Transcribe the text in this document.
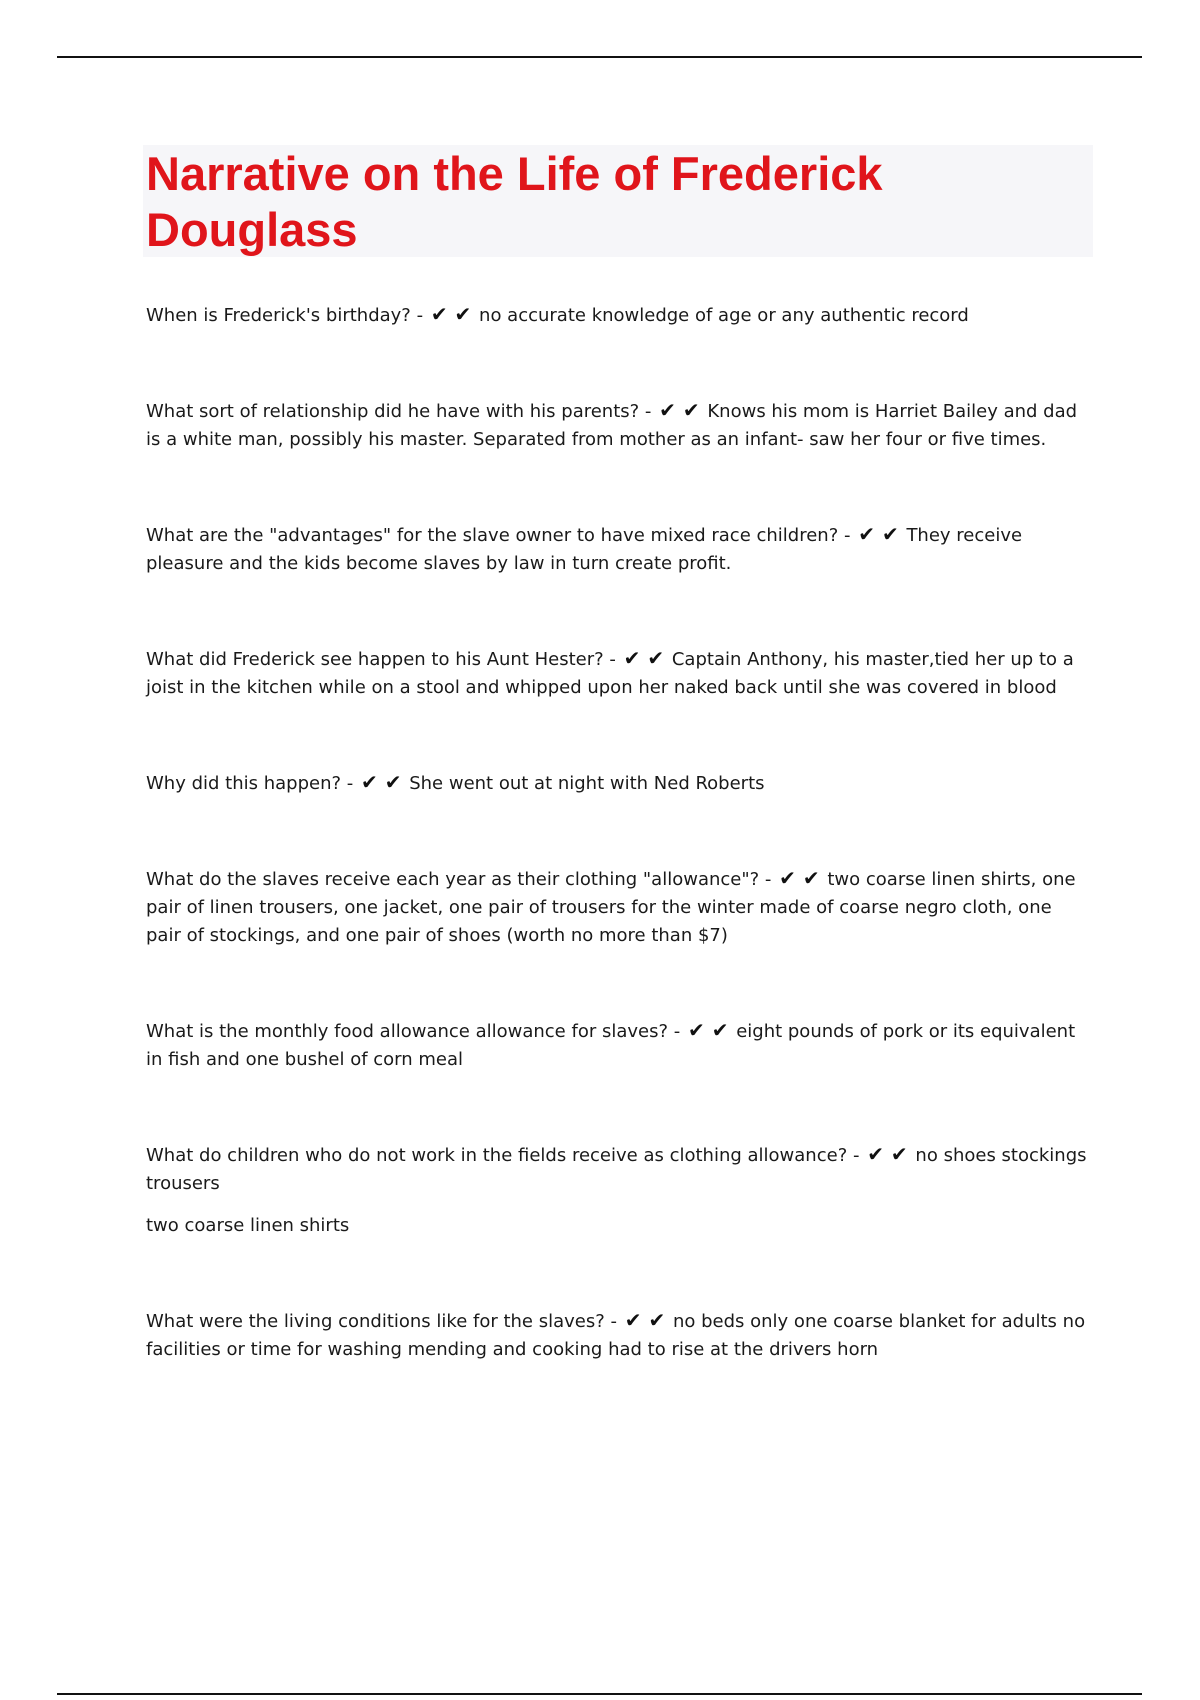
Narrative on the Life of Frederick Douglass

When is Frederick's birthday? - ✔ ✔ no accurate knowledge of age or any authentic record

What sort of relationship did he have with his parents? - ✔ ✔ Knows his mom is Harriet Bailey and dad is a white man, possibly his master. Separated from mother as an infant- saw her four or five times.

What are the "advantages" for the slave owner to have mixed race children? - ✔ ✔ They receive pleasure and the kids become slaves by law in turn create profit.

What did Frederick see happen to his Aunt Hester? - ✔ ✔ Captain Anthony, his master,tied her up to a joist in the kitchen while on a stool and whipped upon her naked back until she was covered in blood

Why did this happen? - ✔ ✔ She went out at night with Ned Roberts

What do the slaves receive each year as their clothing "allowance"? - ✔ ✔ two coarse linen shirts, one pair of linen trousers, one jacket, one pair of trousers for the winter made of coarse negro cloth, one pair of stockings, and one pair of shoes (worth no more than $7)

What is the monthly food allowance allowance for slaves? - ✔ ✔ eight pounds of pork or its equivalent in fish and one bushel of corn meal

What do children who do not work in the fields receive as clothing allowance? - ✔ ✔ no shoes stockings trousers

two coarse linen shirts

What were the living conditions like for the slaves? - ✔ ✔ no beds only one coarse blanket for adults no facilities or time for washing mending and cooking had to rise at the drivers horn
